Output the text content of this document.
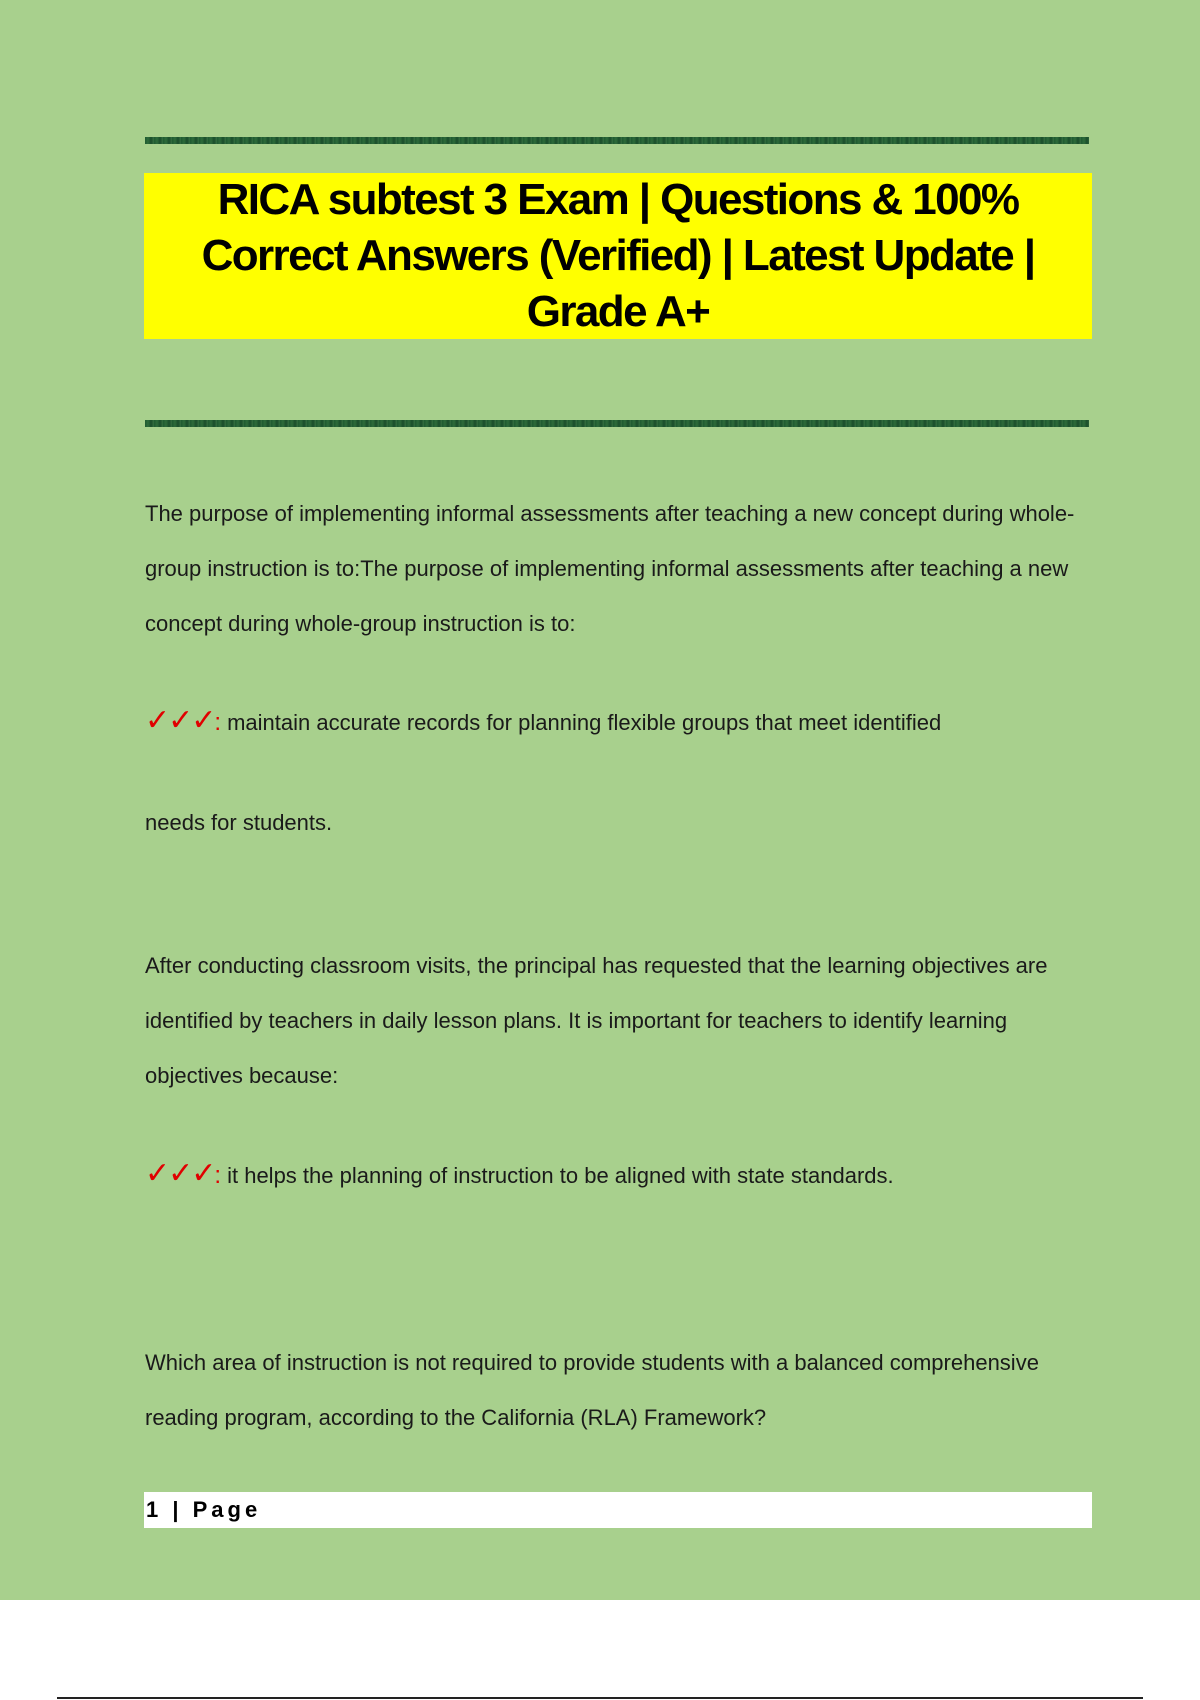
RICA subtest 3 Exam | Questions & 100% Correct Answers (Verified) | Latest Update | Grade A+

The purpose of implementing informal assessments after teaching a new concept during whole-group instruction is to:The purpose of implementing informal assessments after teaching a new concept during whole-group instruction is to:

✓✓✓: maintain accurate records for planning flexible groups that meet identified

needs for students.

After conducting classroom visits, the principal has requested that the learning objectives are identified by teachers in daily lesson plans. It is important for teachers to identify learning objectives because:

✓✓✓: it helps the planning of instruction to be aligned with state standards.

Which area of instruction is not required to provide students with a balanced comprehensive reading program, according to the California (RLA) Framework?

1 | Page
